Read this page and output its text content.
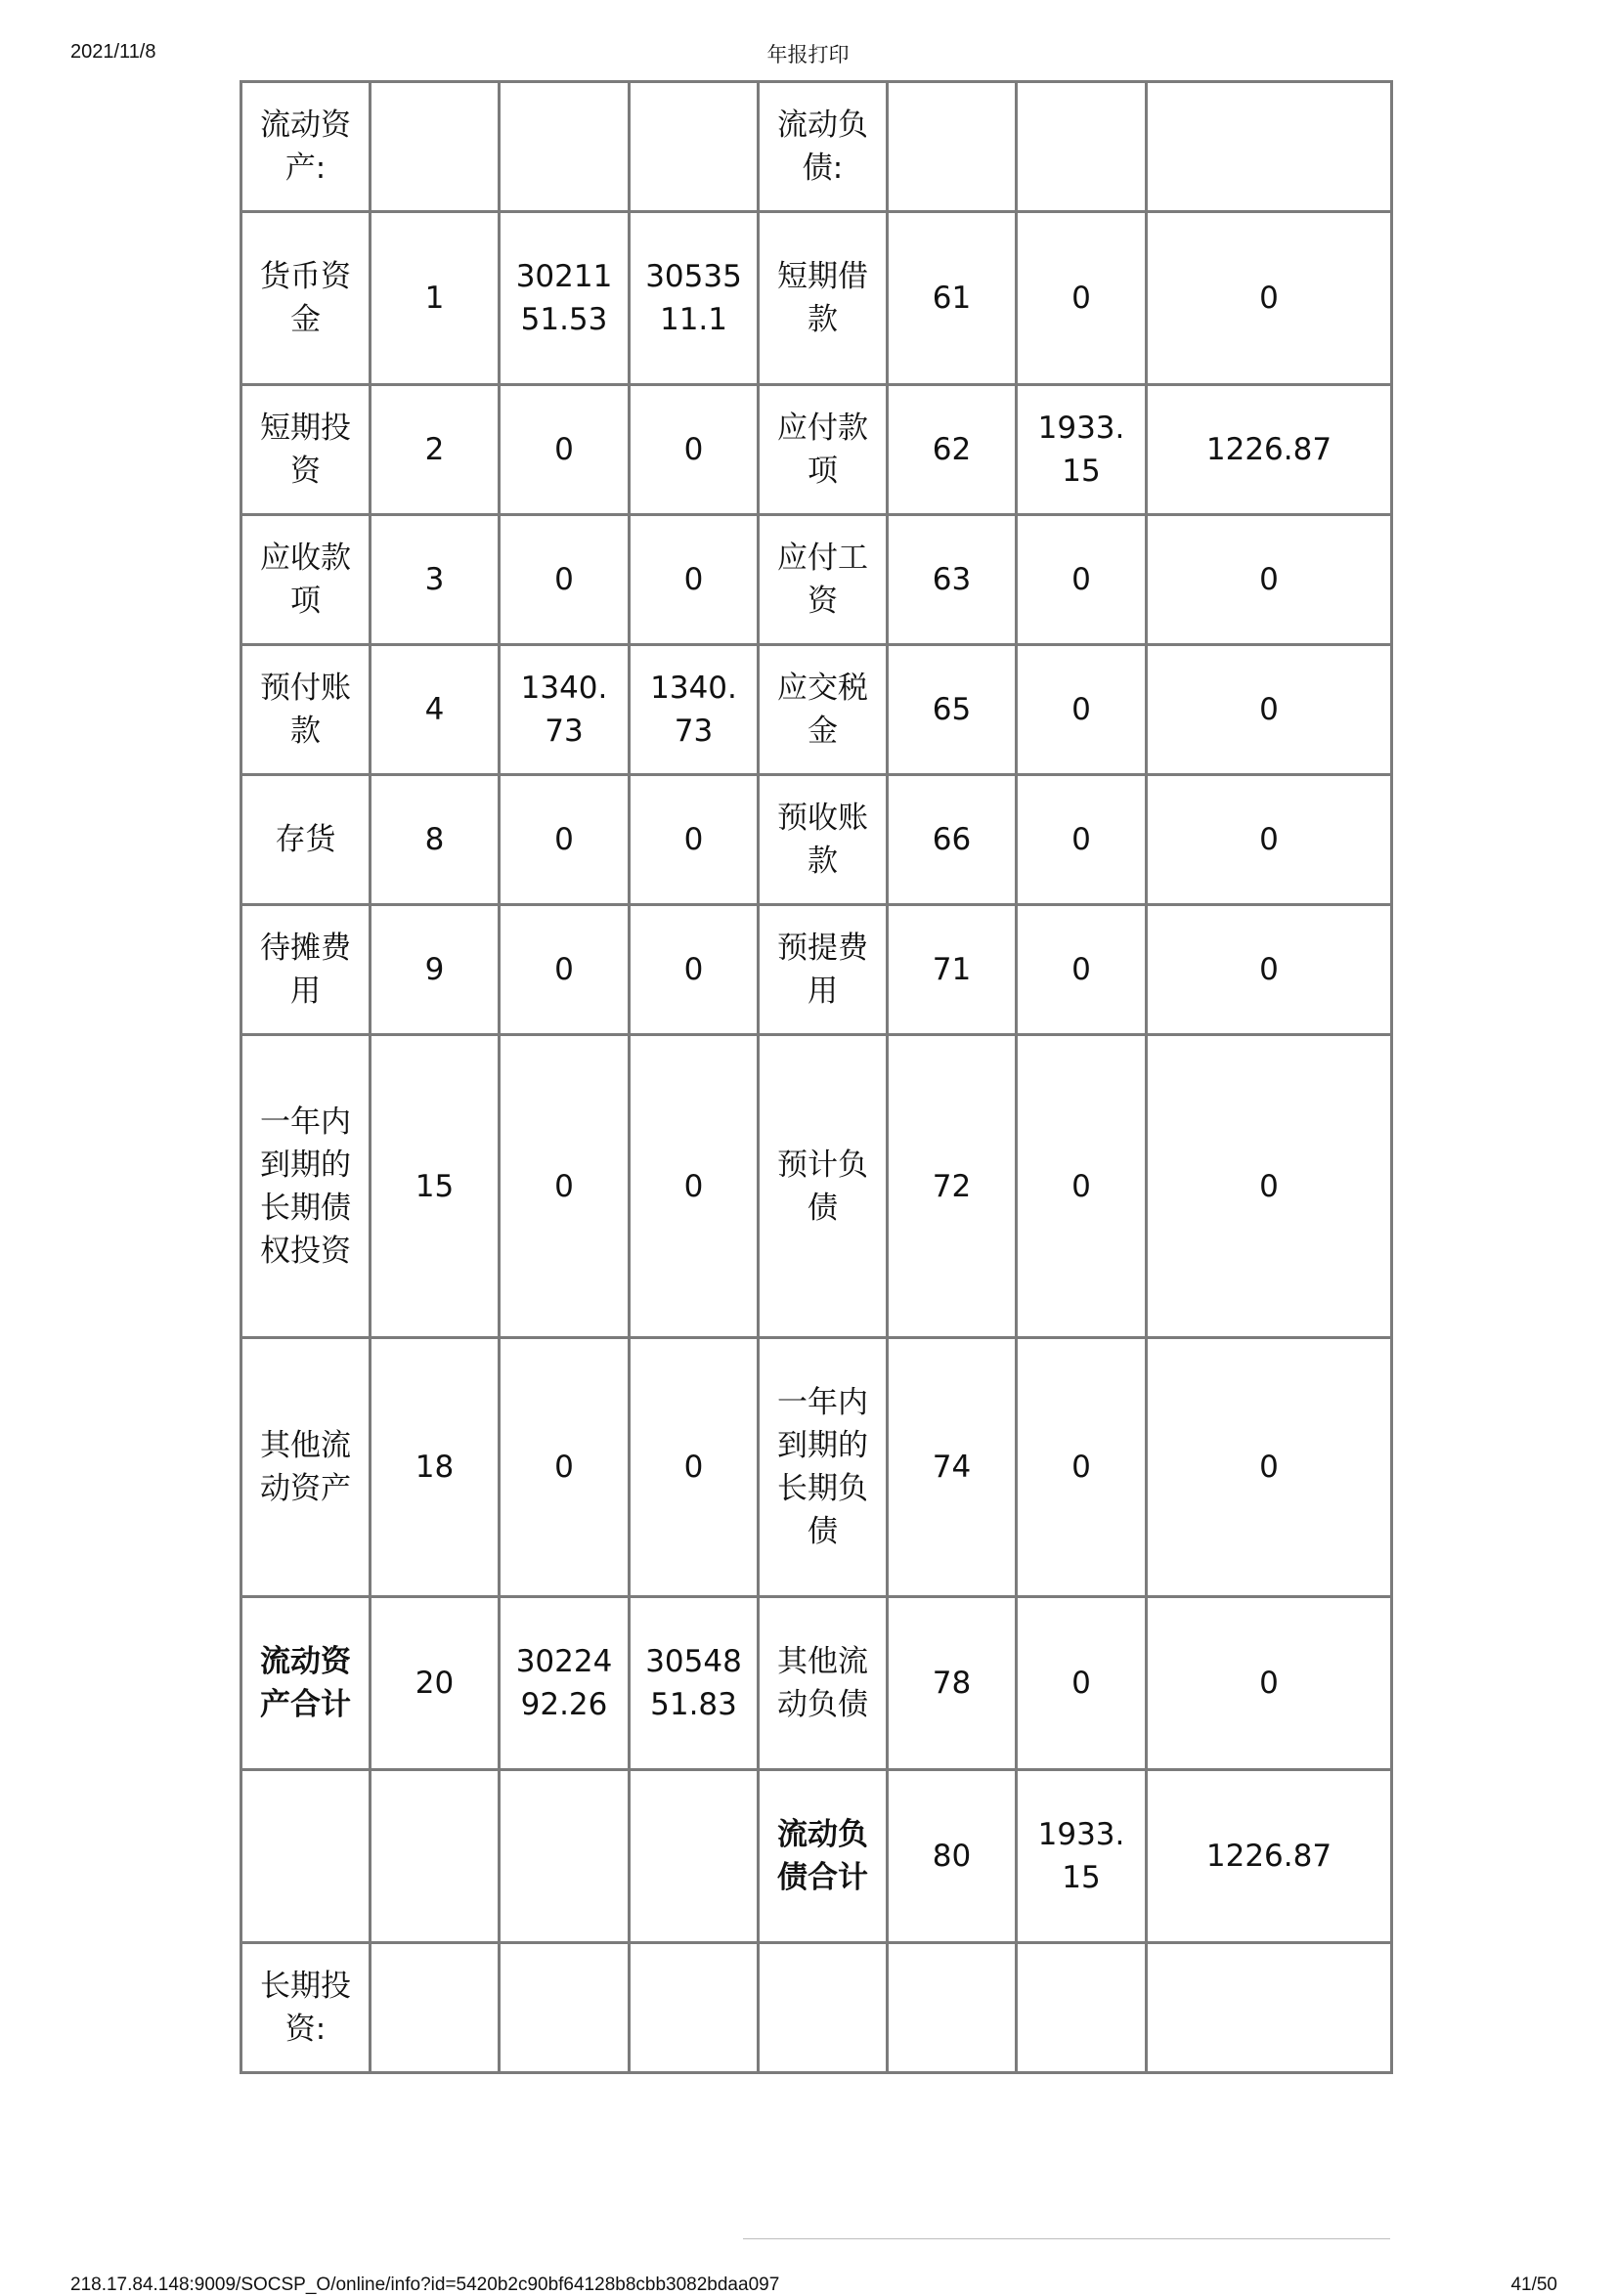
2021/11/8	年报打印
流动资产:				流动负债:			
货币资金	1	3021151.53	3053511.1	短期借款	61	0	0
短期投资	2	0	0	应付款项	62	1933.15	1226.87
应收款项	3	0	0	应付工资	63	0	0
预付账款	4	1340.73	1340.73	应交税金	65	0	0
存货	8	0	0	预收账款	66	0	0
待摊费用	9	0	0	预提费用	71	0	0
一年内到期的长期债权投资	15	0	0	预计负债	72	0	0
其他流动资产	18	0	0	一年内到期的长期负债	74	0	0
流动资产合计	20	3022492.26	3054851.83	其他流动负债	78	0	0
				流动负债合计	80	1933.15	1226.87
长期投资:							
218.17.84.148:9009/SOCSP_O/online/info?id=5420b2c90bf64128b8cbb3082bdaa097	41/50
